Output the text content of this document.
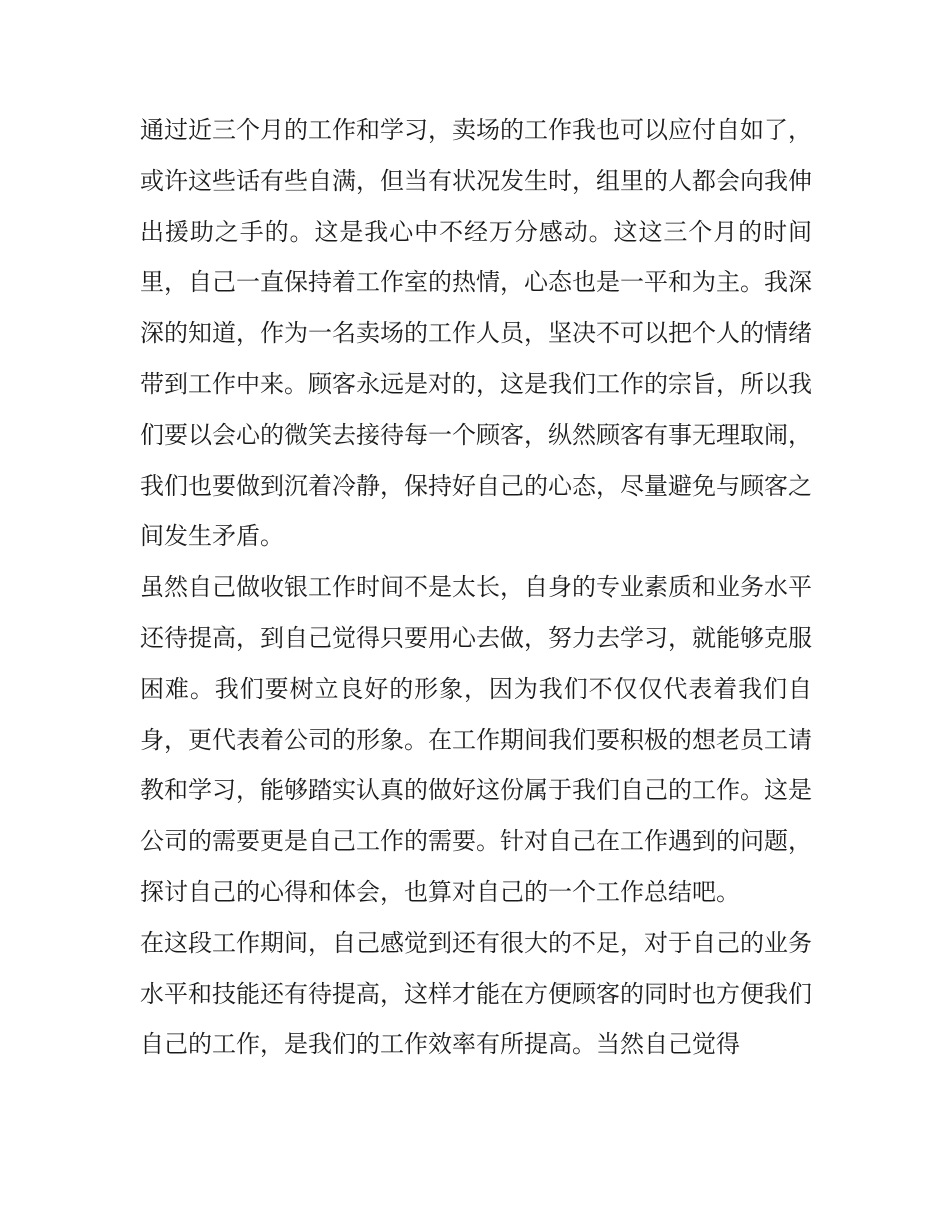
通过近三个月的工作和学习，卖场的工作我也可以应付自如了，或许这些话有些自满，但当有状况发生时，组里的人都会向我伸出援助之手的。这是我心中不经万分感动。这这三个月的时间里，自己一直保持着工作室的热情，心态也是一平和为主。我深深的知道，作为一名卖场的工作人员，坚决不可以把个人的情绪带到工作中来。顾客永远是对的，这是我们工作的宗旨，所以我们要以会心的微笑去接待每一个顾客，纵然顾客有事无理取闹，我们也要做到沉着冷静，保持好自己的心态，尽量避免与顾客之间发生矛盾。

虽然自己做收银工作时间不是太长，自身的专业素质和业务水平还待提高，到自己觉得只要用心去做，努力去学习，就能够克服困难。我们要树立良好的形象，因为我们不仅仅代表着我们自身，更代表着公司的形象。在工作期间我们要积极的想老员工请教和学习，能够踏实认真的做好这份属于我们自己的工作。这是公司的需要更是自己工作的需要。针对自己在工作遇到的问题，探讨自己的心得和体会，也算对自己的一个工作总结吧。

在这段工作期间，自己感觉到还有很大的不足，对于自己的业务水平和技能还有待提高，这样才能在方便顾客的同时也方便我们自己的工作，是我们的工作效率有所提高。当然自己觉得
